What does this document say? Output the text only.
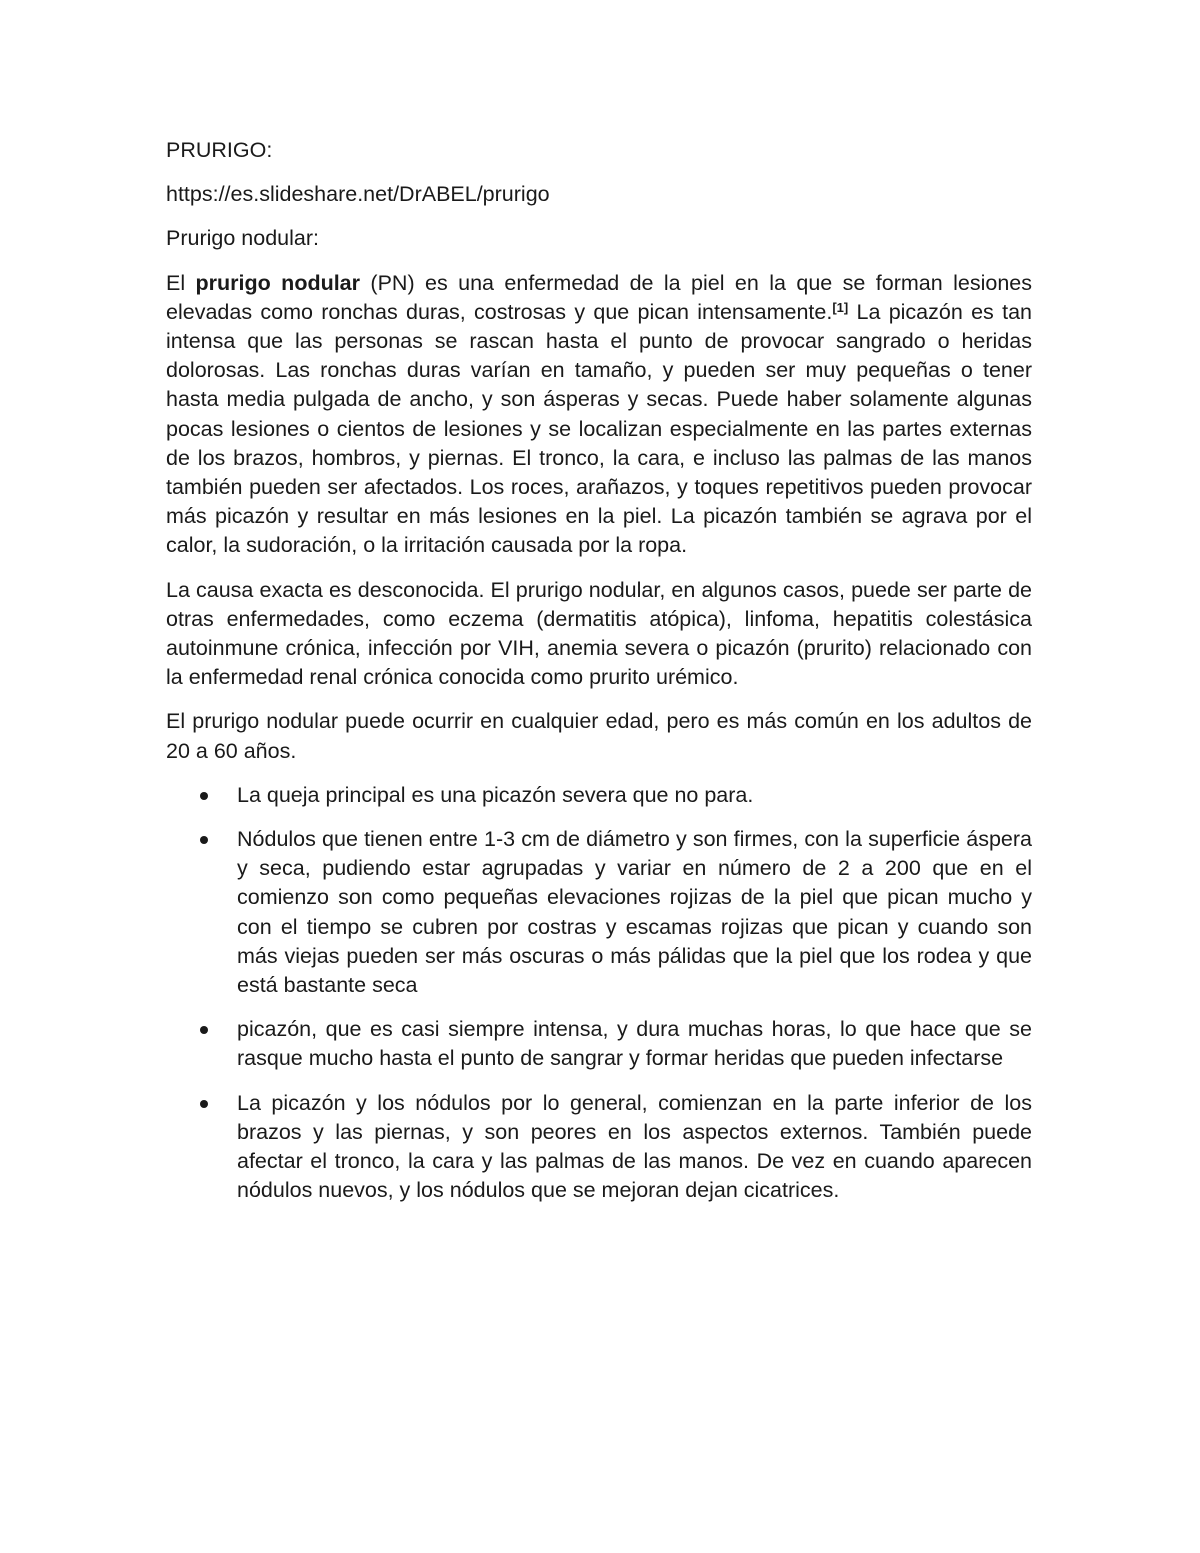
PRURIGO:

https://es.slideshare.net/DrABEL/prurigo

Prurigo nodular:

El prurigo nodular (PN) es una enfermedad de la piel en la que se forman lesiones elevadas como ronchas duras, costrosas y que pican intensamente.[1] La picazón es tan intensa que las personas se rascan hasta el punto de provocar sangrado o heridas dolorosas. Las ronchas duras varían en tamaño, y pueden ser muy pequeñas o tener hasta media pulgada de ancho, y son ásperas y secas. Puede haber solamente algunas pocas lesiones o cientos de lesiones y se localizan especialmente en las partes externas de los brazos, hombros, y piernas. El tronco, la cara, e incluso las palmas de las manos también pueden ser afectados. Los roces, arañazos, y toques repetitivos pueden provocar más picazón y resultar en más lesiones en la piel. La picazón también se agrava por el calor, la sudoración, o la irritación causada por la ropa.

La causa exacta es desconocida. El prurigo nodular, en algunos casos, puede ser parte de otras enfermedades, como eczema (dermatitis atópica), linfoma, hepatitis colestásica autoinmune crónica, infección por VIH, anemia severa o picazón (prurito) relacionado con la enfermedad renal crónica conocida como prurito urémico.

El prurigo nodular puede ocurrir en cualquier edad, pero es más común en los adultos de 20 a 60 años.

La queja principal es una picazón severa que no para.
Nódulos que tienen entre 1-3 cm de diámetro y son firmes, con la superficie áspera y seca, pudiendo estar agrupadas y variar en número de 2 a 200 que en el comienzo son como pequeñas elevaciones rojizas de la piel que pican mucho y con el tiempo se cubren por costras y escamas rojizas que pican y cuando son más viejas pueden ser más oscuras o más pálidas que la piel que los rodea y que está bastante seca
picazón, que es casi siempre intensa, y dura muchas horas, lo que hace que se rasque mucho hasta el punto de sangrar y formar heridas que pueden infectarse
La picazón y los nódulos por lo general, comienzan en la parte inferior de los brazos y las piernas, y son peores en los aspectos externos. También puede afectar el tronco, la cara y las palmas de las manos. De vez en cuando aparecen nódulos nuevos, y los nódulos que se mejoran dejan cicatrices.
